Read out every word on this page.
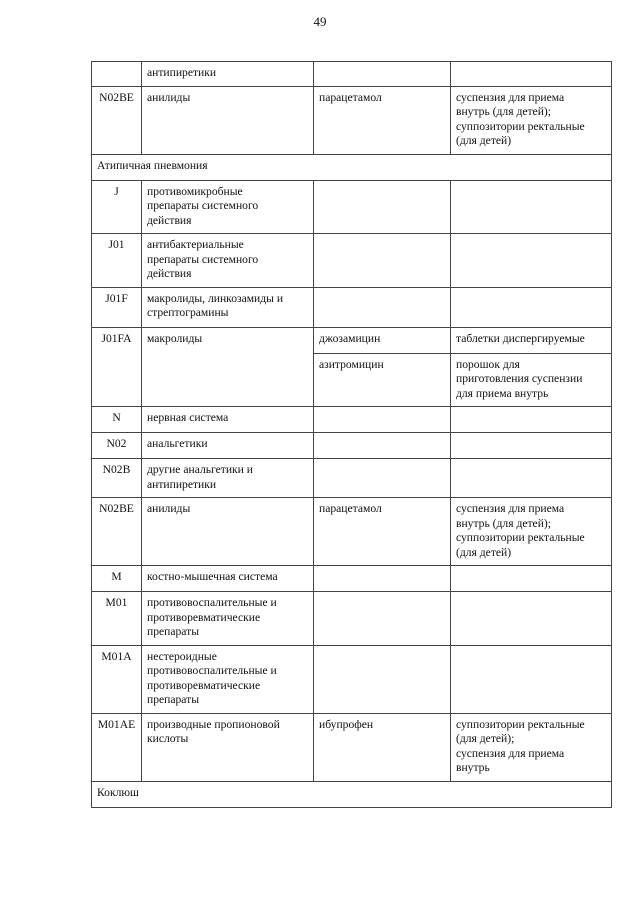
49
	антипиретики		
N02BE	анилиды	парацетамол	суспензия для приема
внутрь (для детей);
суппозитории ректальные
(для детей)
Атипичная пневмония			
J	противомикробные
препараты системного
действия		
J01	антибактериальные
препараты системного
действия		
J01F	макролиды, линкозамиды и
стрептограмины		
J01FA	макролиды	джозамицин	таблетки диспергируемые
		азитромицин	порошок для
приготовления суспензии
для приема внутрь
N	нервная система		
N02	анальгетики		
N02B	другие анальгетики и
антипиретики		
N02BE	анилиды	парацетамол	суспензия для приема
внутрь (для детей);
суппозитории ректальные
(для детей)
M	костно-мышечная система		
M01	противовоспалительные и
противоревматические
препараты		
M01A	нестероидные
противовоспалительные и
противоревматические
препараты		
M01AE	производные пропионовой
кислоты	ибупрофен	суппозитории ректальные
(для детей);
суспензия для приема
внутрь
Коклюш			
